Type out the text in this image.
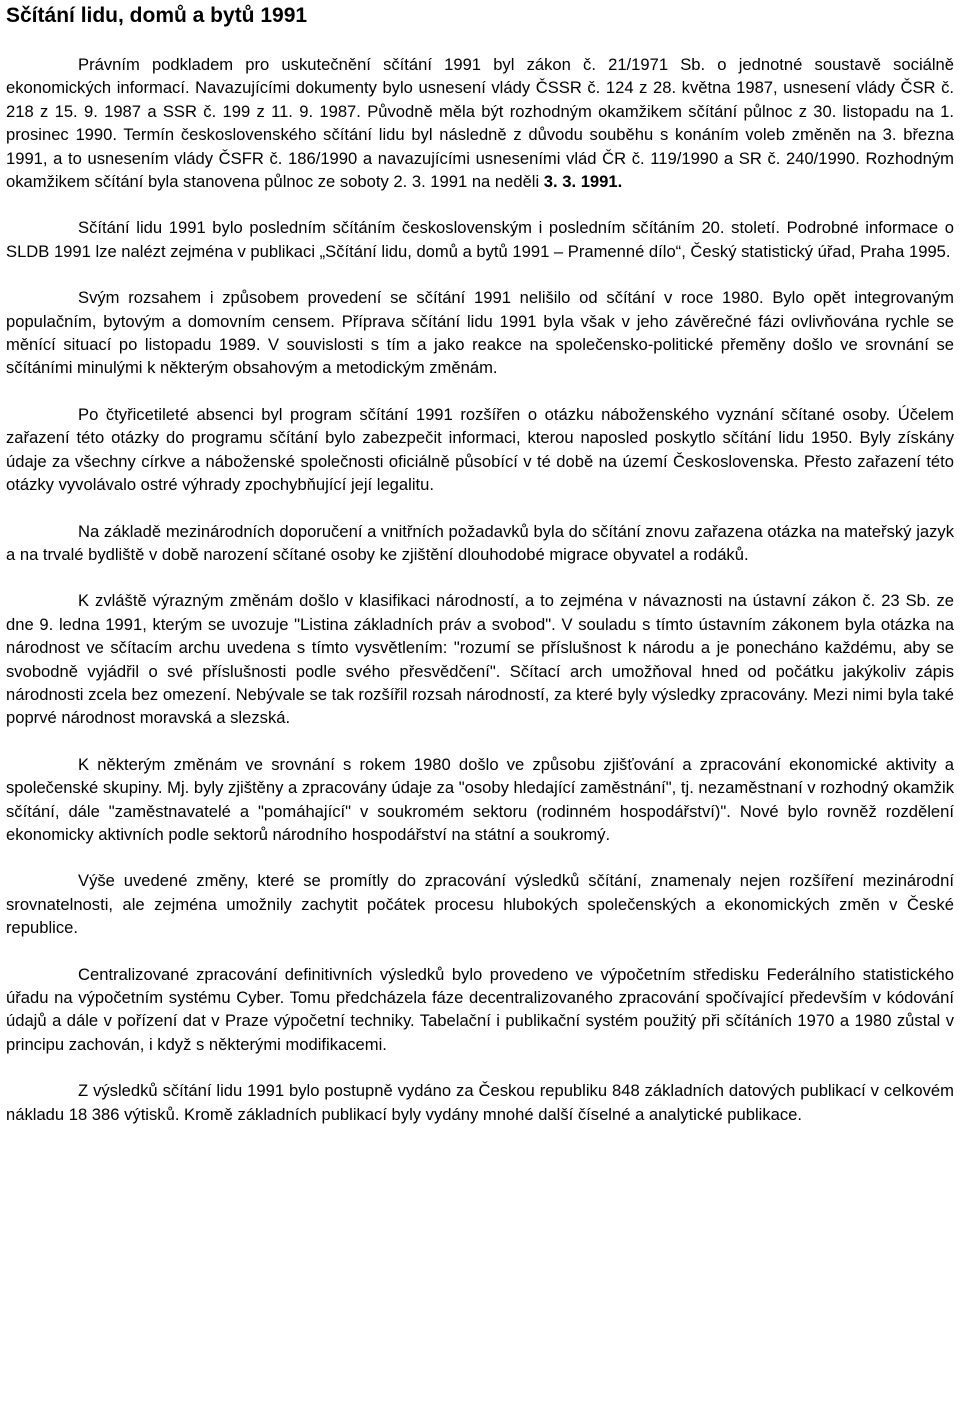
Sčítání lidu, domů a bytů 1991

Právním podkladem pro uskutečnění sčítání 1991 byl zákon č. 21/1971 Sb. o jednotné soustavě sociálně ekonomických informací. Navazujícími dokumenty bylo usnesení vlády ČSSR č. 124 z 28. května 1987, usnesení vlády ČSR č. 218 z 15. 9. 1987 a SSR č. 199 z 11. 9. 1987. Původně měla být rozhodným okamžikem sčítání půlnoc z 30. listopadu na 1. prosinec 1990. Termín československého sčítání lidu byl následně z důvodu souběhu s konáním voleb změněn na 3. března 1991, a to usnesením vlády ČSFR č. 186/1990 a navazujícími usneseními vlád ČR č. 119/1990 a SR č. 240/1990. Rozhodným okamžikem sčítání byla stanovena půlnoc ze soboty 2. 3. 1991 na neděli 3. 3. 1991.

Sčítání lidu 1991 bylo posledním sčítáním československým i posledním sčítáním 20. století. Podrobné informace o SLDB 1991 lze nalézt zejména v publikaci „Sčítání lidu, domů a bytů 1991 – Pramenné dílo“, Český statistický úřad, Praha 1995.

Svým rozsahem i způsobem provedení se sčítání 1991 nelišilo od sčítání v roce 1980. Bylo opět integrovaným populačním, bytovým a domovním censem. Příprava sčítání lidu 1991 byla však v jeho závěrečné fázi ovlivňována rychle se měnící situací po listopadu 1989. V souvislosti s tím a jako reakce na společensko-politické přeměny došlo ve srovnání se sčítáními minulými k některým obsahovým a metodickým změnám.

Po čtyřicetileté absenci byl program sčítání 1991 rozšířen o otázku náboženského vyznání sčítané osoby. Účelem zařazení této otázky do programu sčítání bylo zabezpečit informaci, kterou naposled poskytlo sčítání lidu 1950. Byly získány údaje za všechny církve a náboženské společnosti oficiálně působící v té době na území Československa. Přesto zařazení této otázky vyvolávalo ostré výhrady zpochybňující její legalitu.

Na základě mezinárodních doporučení a vnitřních požadavků byla do sčítání znovu zařazena otázka na mateřský jazyk a na trvalé bydliště v době narození sčítané osoby ke zjištění dlouhodobé migrace obyvatel a rodáků.

K zvláště výrazným změnám došlo v klasifikaci národností, a to zejména v návaznosti na ústavní zákon č. 23 Sb. ze dne 9. ledna 1991, kterým se uvozuje "Listina základních práv a svobod". V souladu s tímto ústavním zákonem byla otázka na národnost ve sčítacím archu uvedena s tímto vysvětlením: "rozumí se příslušnost k národu a je ponecháno každému, aby se svobodně vyjádřil o své příslušnosti podle svého přesvědčení". Sčítací arch umožňoval hned od počátku jakýkoliv zápis národnosti zcela bez omezení. Nebývale se tak rozšířil rozsah národností, za které byly výsledky zpracovány. Mezi nimi byla také poprvé národnost moravská a slezská.

K některým změnám ve srovnání s rokem 1980 došlo ve způsobu zjišťování a zpracování ekonomické aktivity a společenské skupiny. Mj. byly zjištěny a zpracovány údaje za "osoby hledající zaměstnání", tj. nezaměstnaní v rozhodný okamžik sčítání, dále "zaměstnavatelé a "pomáhající" v soukromém sektoru (rodinném hospodářství)". Nové bylo rovněž rozdělení ekonomicky aktivních podle sektorů národního hospodářství na státní a soukromý.

Výše uvedené změny, které se promítly do zpracování výsledků sčítání, znamenaly nejen rozšíření mezinárodní srovnatelnosti, ale zejména umožnily zachytit počátek procesu hlubokých společenských a ekonomických změn v České republice.

Centralizované zpracování definitivních výsledků bylo provedeno ve výpočetním středisku Federálního statistického úřadu na výpočetním systému Cyber. Tomu předcházela fáze decentralizovaného zpracování spočívající především v kódování údajů a dále v pořízení dat v Praze výpočetní techniky. Tabelační i publikační systém použitý při sčítáních 1970 a 1980 zůstal v principu zachován, i když s některými modifikacemi.

Z výsledků sčítání lidu 1991 bylo postupně vydáno za Českou republiku 848 základních datových publikací v celkovém nákladu 18 386 výtisků. Kromě základních publikací byly vydány mnohé další číselné a analytické publikace.
